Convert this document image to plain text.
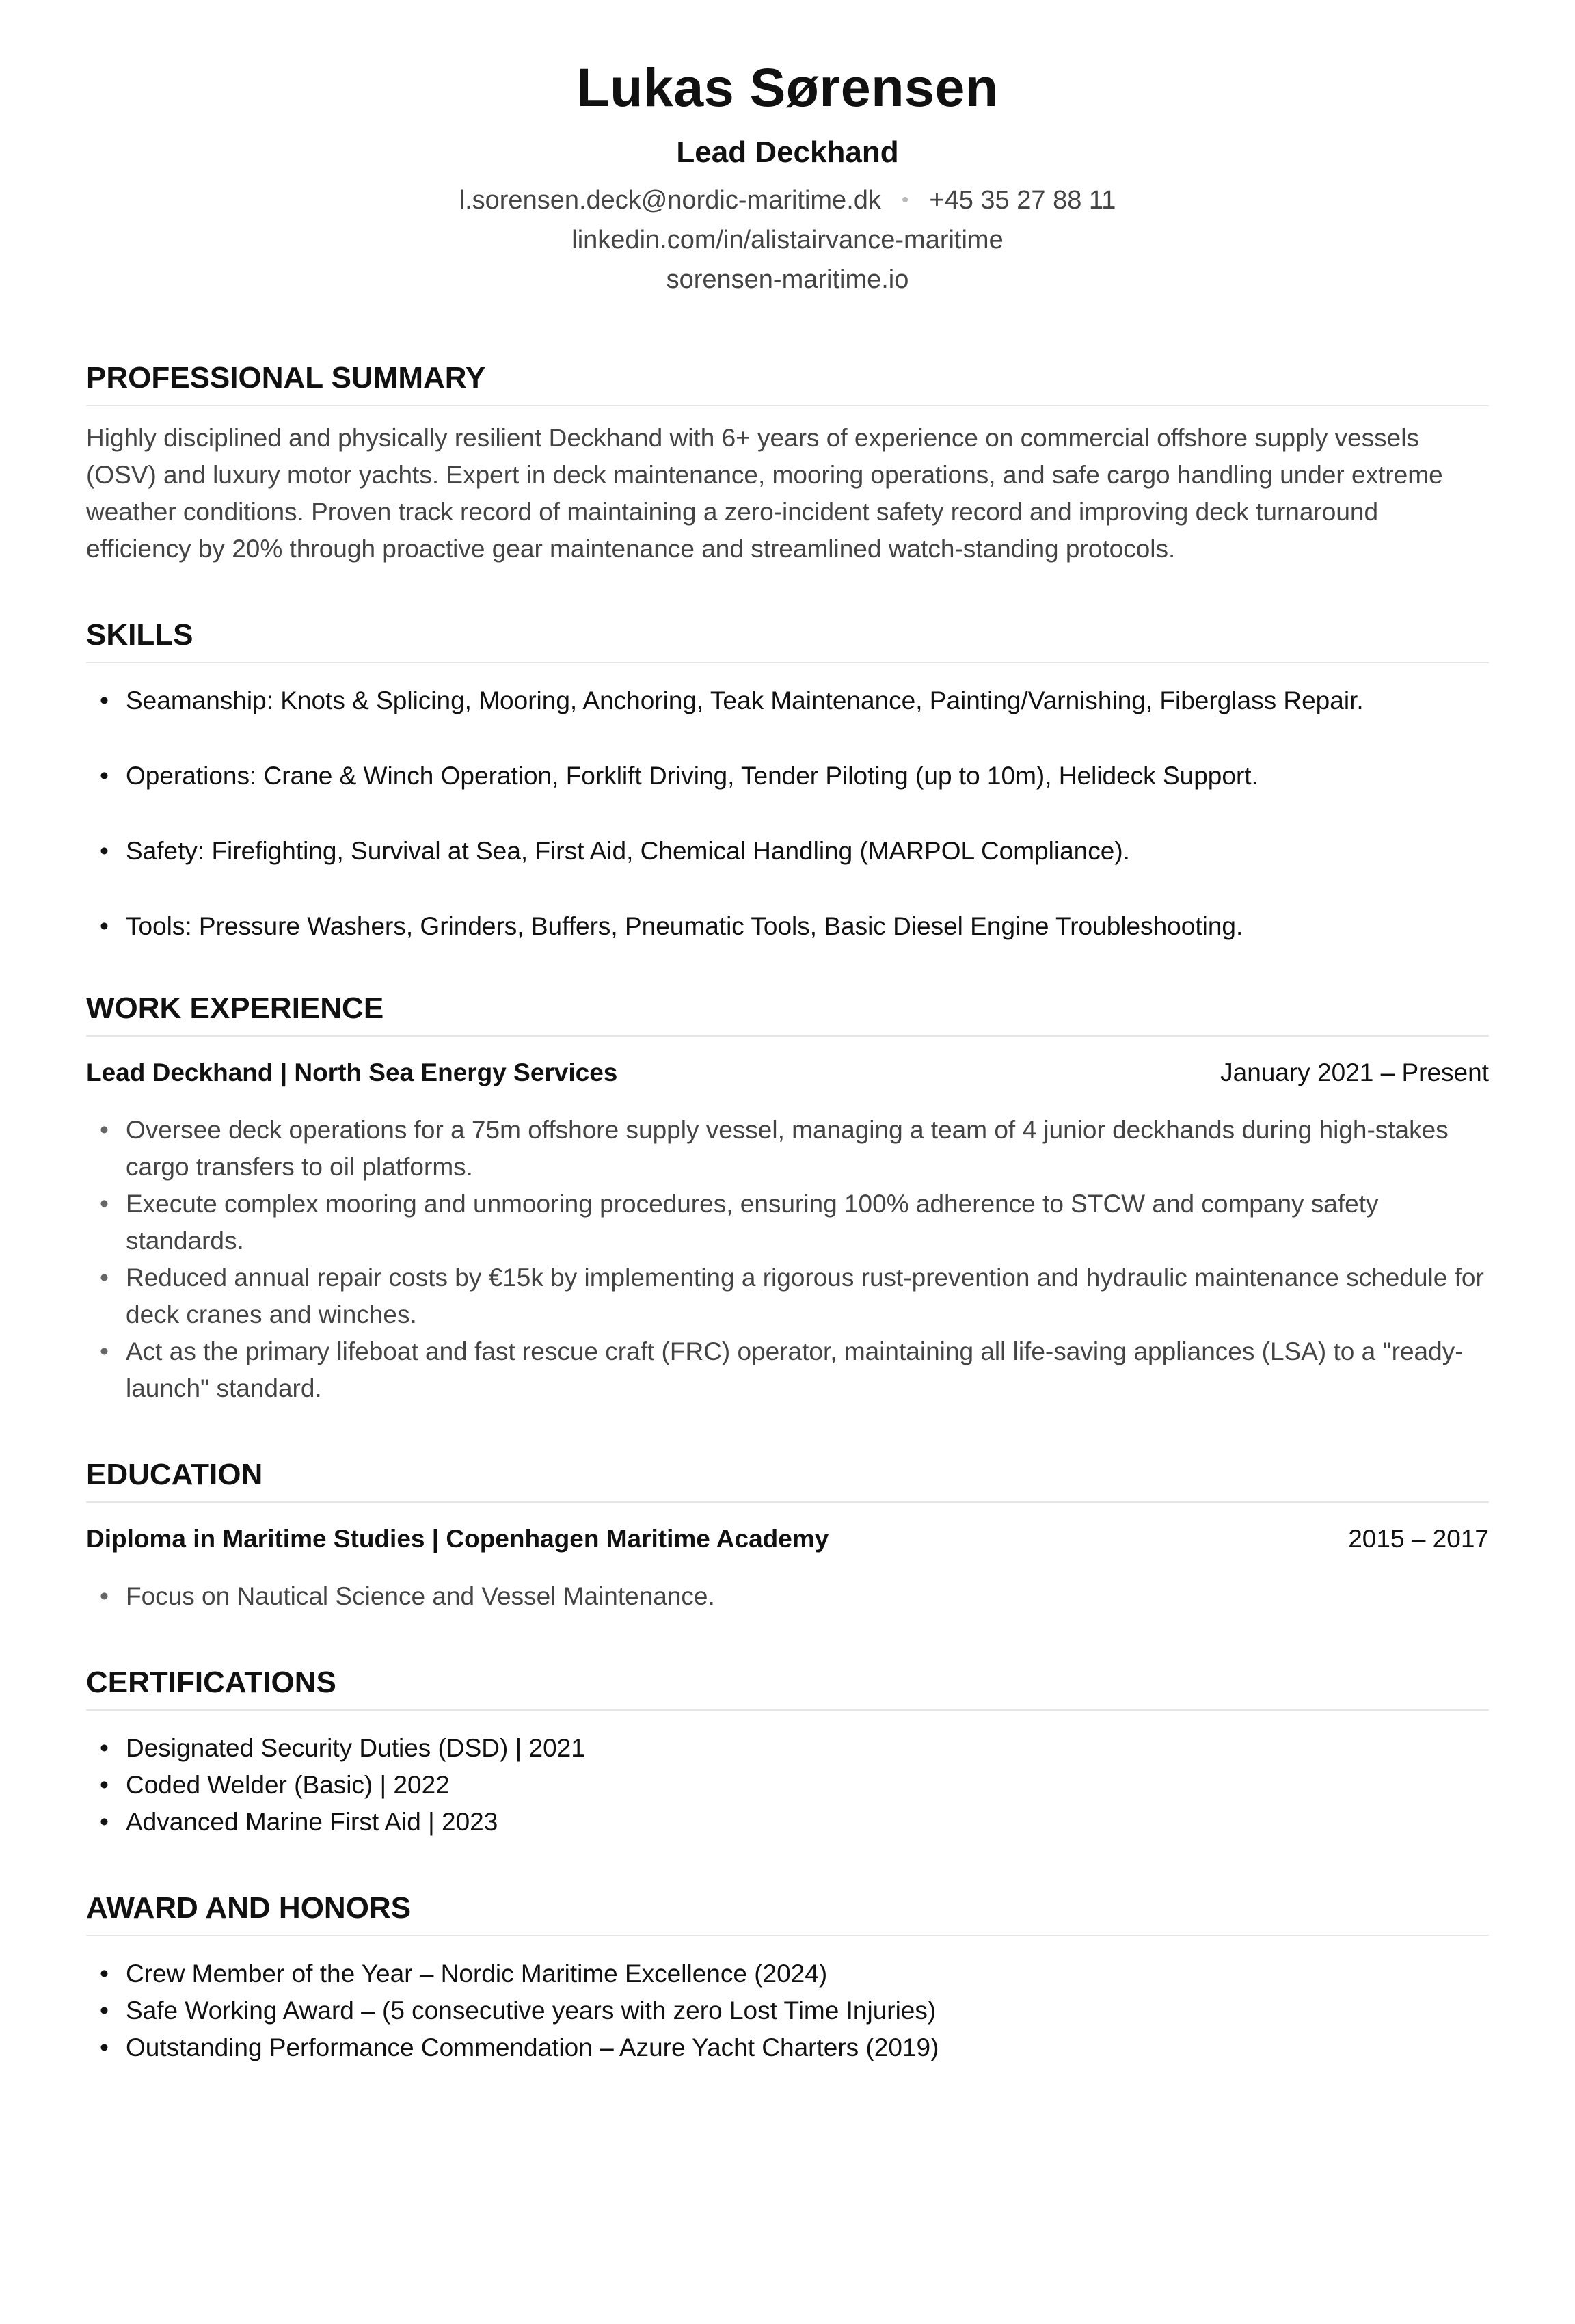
Lukas Sørensen
Lead Deckhand
l.sorensen.deck@nordic-maritime.dk • +45 35 27 88 11
linkedin.com/in/alistairvance-maritime
sorensen-maritime.io
PROFESSIONAL SUMMARY
Highly disciplined and physically resilient Deckhand with 6+ years of experience on commercial offshore supply vessels (OSV) and luxury motor yachts. Expert in deck maintenance, mooring operations, and safe cargo handling under extreme weather conditions. Proven track record of maintaining a zero-incident safety record and improving deck turnaround efficiency by 20% through proactive gear maintenance and streamlined watch-standing protocols.
SKILLS
• Seamanship: Knots & Splicing, Mooring, Anchoring, Teak Maintenance, Painting/Varnishing, Fiberglass Repair.
• Operations: Crane & Winch Operation, Forklift Driving, Tender Piloting (up to 10m), Helideck Support.
• Safety: Firefighting, Survival at Sea, First Aid, Chemical Handling (MARPOL Compliance).
• Tools: Pressure Washers, Grinders, Buffers, Pneumatic Tools, Basic Diesel Engine Troubleshooting.
WORK EXPERIENCE
Lead Deckhand | North Sea Energy Services	January 2021 – Present
• Oversee deck operations for a 75m offshore supply vessel, managing a team of 4 junior deckhands during high-stakes cargo transfers to oil platforms.
• Execute complex mooring and unmooring procedures, ensuring 100% adherence to STCW and company safety standards.
• Reduced annual repair costs by €15k by implementing a rigorous rust-prevention and hydraulic maintenance schedule for deck cranes and winches.
• Act as the primary lifeboat and fast rescue craft (FRC) operator, maintaining all life-saving appliances (LSA) to a "ready-launch" standard.
EDUCATION
Diploma in Maritime Studies | Copenhagen Maritime Academy	2015 – 2017
• Focus on Nautical Science and Vessel Maintenance.
CERTIFICATIONS
• Designated Security Duties (DSD) | 2021
• Coded Welder (Basic) | 2022
• Advanced Marine First Aid | 2023
AWARD AND HONORS
• Crew Member of the Year – Nordic Maritime Excellence (2024)
• Safe Working Award – (5 consecutive years with zero Lost Time Injuries)
• Outstanding Performance Commendation – Azure Yacht Charters (2019)
